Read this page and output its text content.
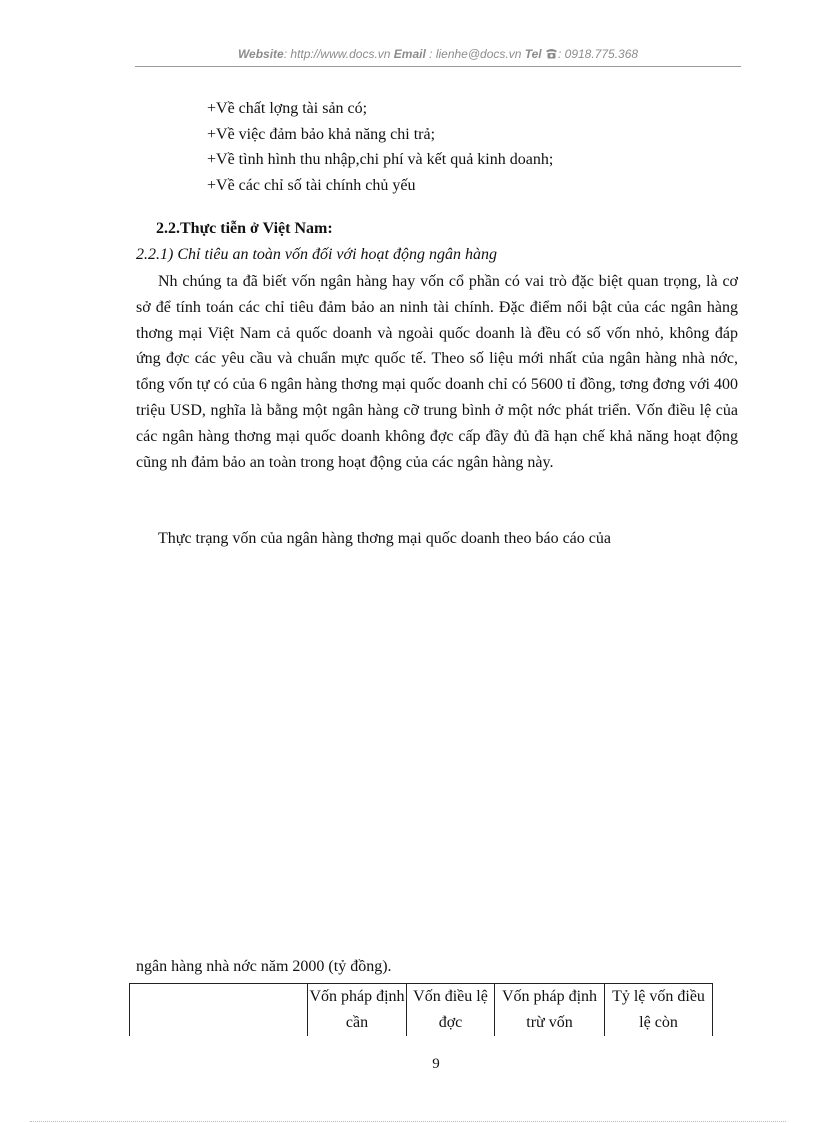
Website: http://www.docs.vn Email : lienhe@docs.vn Tel : 0918.775.368
+Về chất lợng tài sản có;
+Về việc đảm bảo khả năng chi trả;
+Về tình hình thu nhập,chi phí và kết quả kinh doanh;
+Về các chỉ số tài chính chủ yếu
2.2.Thực tiễn ở Việt Nam:
2.2.1) Chỉ tiêu an toàn vốn đối với hoạt động ngân hàng
Nh chúng ta đã biết vốn ngân hàng hay vốn cổ phần có vai trò đặc biệt quan trọng, là cơ sở để tính toán các chỉ tiêu đảm bảo an ninh tài chính. Đặc điểm nổi bật của các ngân hàng thơng mại Việt Nam cả quốc doanh và ngoài quốc doanh là đều có số vốn nhỏ, không đáp ứng đợc các yêu cầu và chuẩn mực quốc tế. Theo số liệu mới nhất của ngân hàng nhà nớc, tổng vốn tự có của 6 ngân hàng thơng mại quốc doanh chỉ có 5600 tỉ đồng, tơng đơng với 400 triệu USD, nghĩa là bằng một ngân hàng cỡ trung bình ở một nớc phát triển. Vốn điều lệ của các ngân hàng thơng mại quốc doanh không đợc cấp đầy đủ đã hạn chế khả năng hoạt động cũng nh đảm bảo an toàn trong hoạt động của các ngân hàng này.
Thực trạng vốn của ngân hàng thơng mại quốc doanh theo báo cáo của
ngân hàng nhà nớc năm 2000 (tỷ đồng).
	Vốn pháp định cần	Vốn điều lệ đợc	Vốn pháp định trừ vốn	Tỷ lệ vốn điều lệ còn
9
